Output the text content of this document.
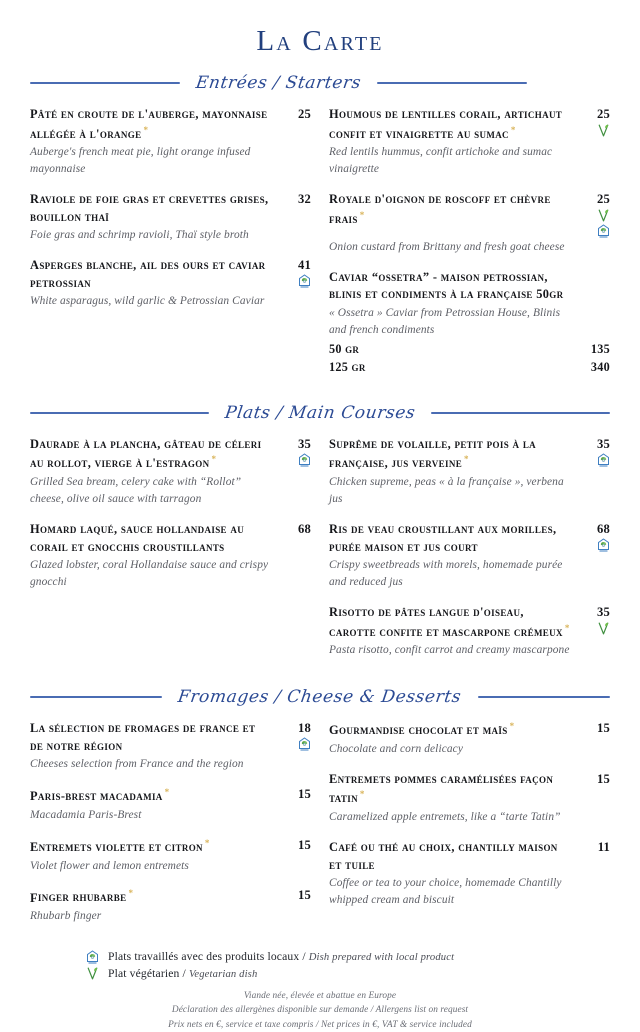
La Carte
Entrées / Starters
Pâté en croute de l'auberge, mayonnaise allégée à l'orange *
25
Auberge's french meat pie, light orange infused mayonnaise
Raviole de foie gras et crevettes grises, bouillon thaï
32
Foie gras and schrimp ravioli, Thaï style broth
Asperges blanche, ail des ours et caviar petrossian
41
White asparagus, wild garlic & Petrossian Caviar
Houmous de lentilles corail, artichaut confit et vinaigrette au sumac *
25
Red lentils hummus, confit artichoke and sumac vinaigrette
Royale d'oignon de roscoff et chèvre frais *
25
Onion custard from Brittany and fresh goat cheese
Caviar “ossetra” - maison petrossian, blinis et condiments à la française 50gr
« Ossetra » Caviar from Petrossian House, Blinis and french condiments
50 gr	135
125 gr	340
Plats / Main Courses
Daurade à la plancha, gâteau de céleri au rollot, vierge à l'estragon *
35
Grilled Sea bream, celery cake with “Rollot” cheese, olive oil sauce with tarragon
Homard laqué, sauce hollandaise au corail et gnocchis croustillants
68
Glazed lobster, coral Hollandaise sauce and crispy gnocchi
Suprême de volaille, petit pois à la française, jus verveine *
35
Chicken supreme, peas « à la française », verbena jus
Ris de veau croustillant aux morilles, purée maison et jus court
68
Crispy sweetbreads with morels, homemade purée and reduced jus
Risotto de pâtes langue d'oiseau, carotte confite et mascarpone crémeux *
35
Pasta risotto, confit carrot and creamy mascarpone
Fromages / Cheese & Desserts
La sélection de fromages de france et de notre région
18
Cheeses selection from France and the region
Paris-brest macadamia *	15
Macadamia Paris-Brest
Entremets violette et citron *	15
Violet flower and lemon entremets
Finger rhubarbe *	15
Rhubarb finger
Gourmandise chocolat et maïs *	15
Chocolate and corn delicacy
Entremets pommes caramélisées façon tatin *
15
Caramelized apple entremets, like a “tarte Tatin”
Café ou thé au choix, chantilly maison et tuile
11
Coffee or tea to your choice, homemade Chantilly whipped cream and biscuit
Plats travaillés avec des produits locaux / Dish prepared with local product
Plat végétarien / Vegetarian dish
Viande née, élevée et abattue en Europe
Déclaration des allergènes disponible sur demande / Allergens list on request
Prix nets en €, service et taxe compris / Net prices in €, VAT & service included
